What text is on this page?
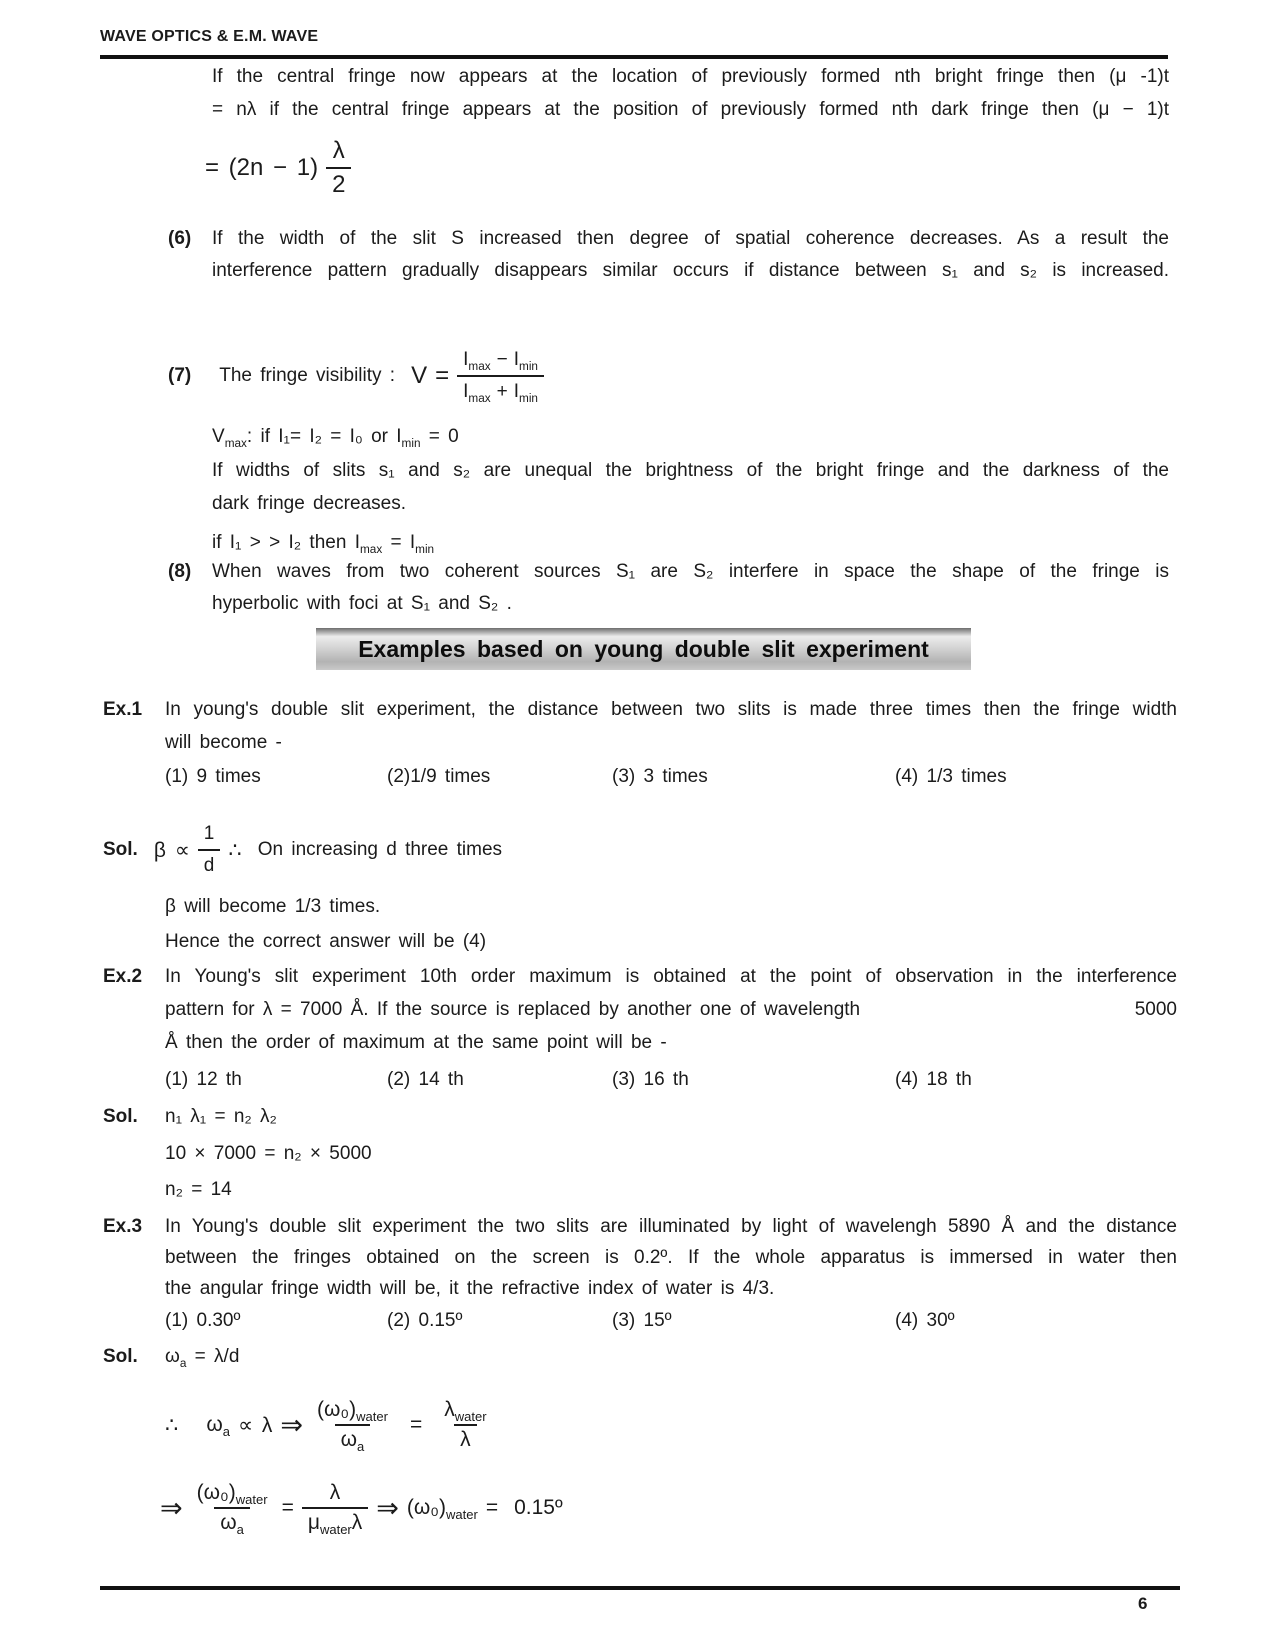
WAVE OPTICS & E.M. WAVE
If the central fringe now appears at the location of previously formed nth bright fringe then (μ -1)t
= nλ if the central fringe appears at the position of previously formed nth dark fringe then (μ − 1)t
= $(2n - 1) \frac{\lambda}{2}$
(6) If the width of the slit S increased then degree of spatial coherence decreases. As a result the
interference pattern gradually disappears similar occurs if distance between s₁ and s₂ is increased.
(7) The fringe visibility : $V = \frac{I_{max} - I_{min}}{I_{max} + I_{min}}$
$V_{max}$: if I₁= I₂ = I₀ or $I_{min} = 0$
If widths of slits s₁ and s₂ are unequal the brightness of the bright fringe and the darkness of the
dark fringe decreases.
if I₁ > > I₂ then $I_{max} = I_{min}$
(8) When waves from two coherent sources S₁ are S₂ interfere in space the shape of the fringe is
hyperbolic with foci at S₁ and S₂ .
Examples based on young double slit experiment
Ex.1 In young's double slit experiment, the distance between two slits is made three times then the fringe width
will become -
(1) 9 times	(2)1/9 times	(3) 3 times	(4) 1/3 times
Sol. $\beta \propto \frac{1}{d}$ ∴ On increasing d three times
β will become 1/3 times.
Hence the correct answer will be (4)
Ex.2 In Young's slit experiment 10th order maximum is obtained at the point of observation in the interference
pattern for λ = 7000 Å. If the source is replaced by another one of wavelength	5000
Å then the order of maximum at the same point will be -
(1) 12 th	(2) 14 th	(3) 16 th	(4) 18 th
Sol. n₁ λ₁ = n₂ λ₂
10 × 7000 = n₂ × 5000
n₂ = 14
Ex.3 In Young's double slit experiment the two slits are illuminated by light of wavelengh 5890 Å and the distance
between the fringes obtained on the screen is 0.2º. If the whole apparatus is immersed in water then
the angular fringe width will be, it the refractive index of water is 4/3.
(1) 0.30º	(2) 0.15º	(3) 15º	(4) 30º
Sol. $\omega_a = \lambda/d$
∴ $\omega_a \propto \lambda$ ⇒ $\frac{(\omega_0)_{water}}{\omega_a} = \frac{\lambda_{water}}{\lambda}$
⇒ $\frac{(\omega_0)_{water}}{\omega_a} = \frac{\lambda}{\mu_{water}\lambda}$ ⇒ $(\omega_0)_{water}$ = 0.15º
6
